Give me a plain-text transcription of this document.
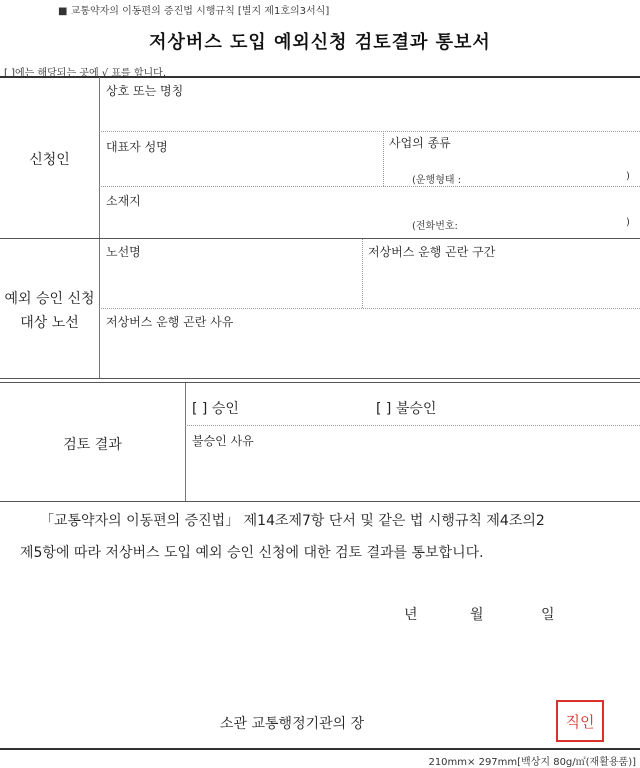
■ 교통약자의 이동편의 증진법 시행규칙 [별지 제1호의3서식]
저상버스 도입 예외신청 검토결과 통보서
[ ]에는 해당되는 곳에 √ 표를 합니다.
신청인
상호 또는 명칭
대표자 성명	사업의 종류
(운행형태 :	)
소재지
(전화번호:	)
예외 승인 신청
대상 노선
노선명	저상버스 운행 곤란 구간
저상버스 운행 곤란 사유
검토 결과
[ ] 승인	[ ] 불승인
불승인 사유
「교통약자의 이동편의 증진법」 제14조제7항 단서 및 같은 법 시행규칙 제4조의2
제5항에 따라 저상버스 도입 예외 승인 신청에 대한 검토 결과를 통보합니다.
년	월	일
소관 교통행정기관의 장	직인
210mm× 297mm[백상지 80g/㎡(재활용품)]
